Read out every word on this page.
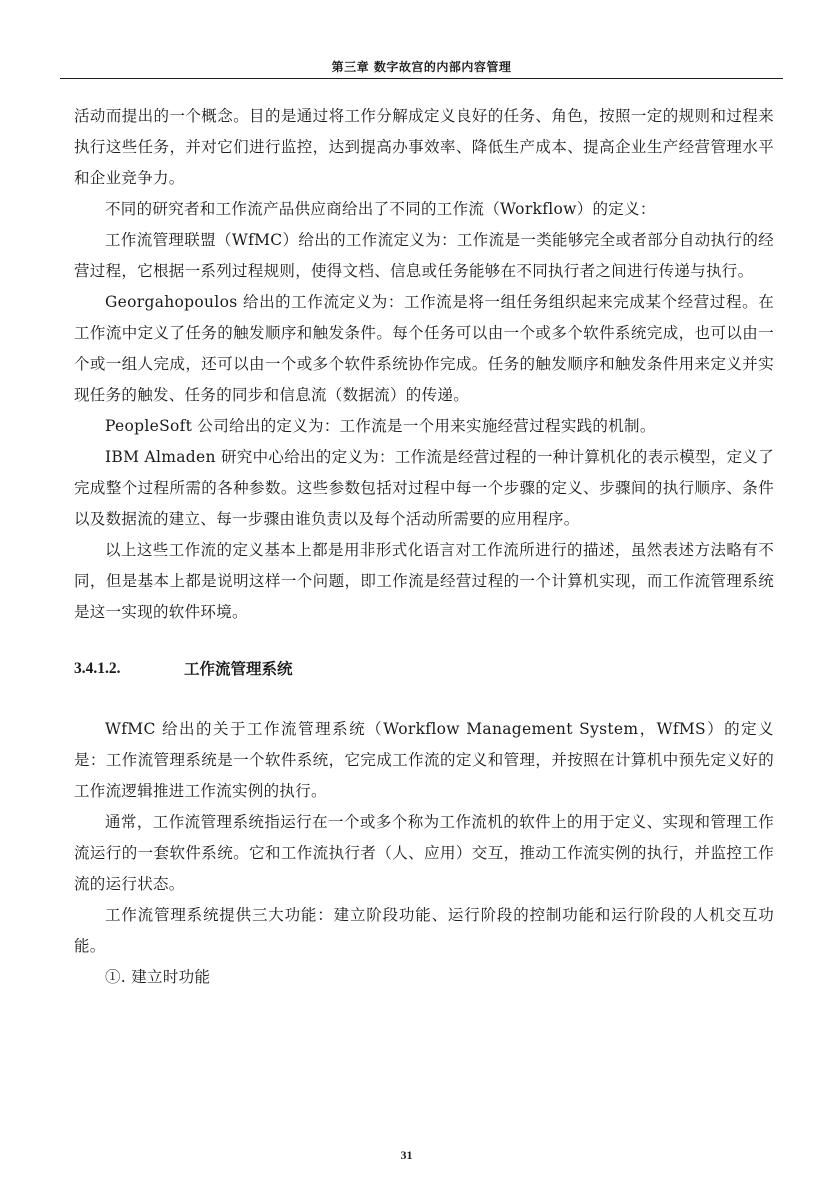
第三章 数字故宫的内部内容管理

活动而提出的一个概念。目的是通过将工作分解成定义良好的任务、角色，按照一定的规则和过程来执行这些任务，并对它们进行监控，达到提高办事效率、降低生产成本、提高企业生产经营管理水平和企业竞争力。

不同的研究者和工作流产品供应商给出了不同的工作流（Workflow）的定义：

工作流管理联盟（WfMC）给出的工作流定义为：工作流是一类能够完全或者部分自动执行的经营过程，它根据一系列过程规则，使得文档、信息或任务能够在不同执行者之间进行传递与执行。

Georgahopoulos 给出的工作流定义为：工作流是将一组任务组织起来完成某个经营过程。在工作流中定义了任务的触发顺序和触发条件。每个任务可以由一个或多个软件系统完成，也可以由一个或一组人完成，还可以由一个或多个软件系统协作完成。任务的触发顺序和触发条件用来定义并实现任务的触发、任务的同步和信息流（数据流）的传递。

PeopleSoft 公司给出的定义为：工作流是一个用来实施经营过程实践的机制。

IBM Almaden 研究中心给出的定义为：工作流是经营过程的一种计算机化的表示模型，定义了完成整个过程所需的各种参数。这些参数包括对过程中每一个步骤的定义、步骤间的执行顺序、条件以及数据流的建立、每一步骤由谁负责以及每个活动所需要的应用程序。

以上这些工作流的定义基本上都是用非形式化语言对工作流所进行的描述，虽然表述方法略有不同，但是基本上都是说明这样一个问题，即工作流是经营过程的一个计算机实现，而工作流管理系统是这一实现的软件环境。

3.4.1.2.	工作流管理系统

WfMC 给出的关于工作流管理系统（Workflow Management System，WfMS）的定义是：工作流管理系统是一个软件系统，它完成工作流的定义和管理，并按照在计算机中预先定义好的工作流逻辑推进工作流实例的执行。

通常，工作流管理系统指运行在一个或多个称为工作流机的软件上的用于定义、实现和管理工作流运行的一套软件系统。它和工作流执行者（人、应用）交互，推动工作流实例的执行，并监控工作流的运行状态。

工作流管理系统提供三大功能：建立阶段功能、运行阶段的控制功能和运行阶段的人机交互功能。

①. 建立时功能

31
